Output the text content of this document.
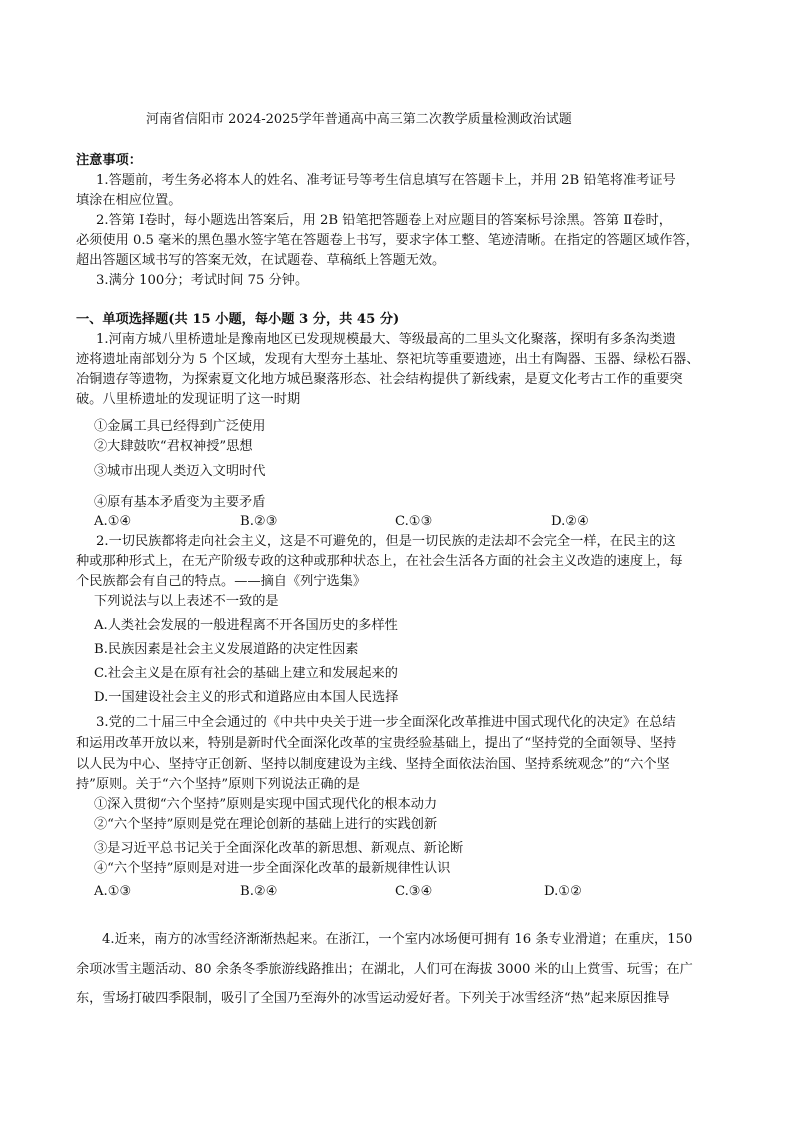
河南省信阳市 2024-2025学年普通高中高三第二次教学质量检测政治试题
注意事项：
1.答题前，考生务必将本人的姓名、准考证号等考生信息填写在答题卡上，并用 2B 铅笔将准考证号
填涂在相应位置。
2.答第 Ⅰ卷时，每小题选出答案后，用 2B 铅笔把答题卷上对应题目的答案标号涂黑。答第 Ⅱ卷时，
必须使用 0.5 毫米的黑色墨水签字笔在答题卷上书写，要求字体工整、笔迹清晰。在指定的答题区域作答，
超出答题区域书写的答案无效，在试题卷、草稿纸上答题无效。
3.满分 100分；考试时间 75 分钟。
一、单项选择题(共 15 小题，每小题 3 分，共 45 分)
1.河南方城八里桥遗址是豫南地区已发现规模最大、等级最高的二里头文化聚落，探明有多条沟类遗
迹将遗址南部划分为 5 个区域，发现有大型夯土基址、祭祀坑等重要遗迹，出土有陶器、玉器、绿松石器、
冶铜遗存等遗物，为探索夏文化地方城邑聚落形态、社会结构提供了新线索，是夏文化考古工作的重要突
破。八里桥遗址的发现证明了这一时期
①金属工具已经得到广泛使用
②大肆鼓吹“君权神授”思想
③城市出现人类迈入文明时代
④原有基本矛盾变为主要矛盾
A.①④	B.②③	C.①③	D.②④
2.一切民族都将走向社会主义，这是不可避免的，但是一切民族的走法却不会完全一样，在民主的这
种或那种形式上，在无产阶级专政的这种或那种状态上，在社会生活各方面的社会主义改造的速度上，每
个民族都会有自己的特点。——摘自《列宁选集》
下列说法与以上表述不一致的是
A.人类社会发展的一般进程离不开各国历史的多样性
B.民族因素是社会主义发展道路的决定性因素
C.社会主义是在原有社会的基础上建立和发展起来的
D.一国建设社会主义的形式和道路应由本国人民选择
3.党的二十届三中全会通过的《中共中央关于进一步全面深化改革推进中国式现代化的决定》在总结
和运用改革开放以来，特别是新时代全面深化改革的宝贵经验基础上，提出了“坚持党的全面领导、坚持
以人民为中心、坚持守正创新、坚持以制度建设为主线、坚持全面依法治国、坚持系统观念”的“六个坚
持”原则。关于“六个坚持”原则下列说法正确的是
①深入贯彻“六个坚持”原则是实现中国式现代化的根本动力
②“六个坚持”原则是党在理论创新的基础上进行的实践创新
③是习近平总书记关于全面深化改革的新思想、新观点、新论断
④“六个坚持”原则是对进一步全面深化改革的最新规律性认识
A.①③	B.②④	C.③④	D.①②
4.近来，南方的冰雪经济渐渐热起来。在浙江，一个室内冰场便可拥有 16 条专业滑道；在重庆，150
余项冰雪主题活动、80 余条冬季旅游线路推出；在湖北，人们可在海拔 3000 米的山上赏雪、玩雪；在广
东，雪场打破四季限制，吸引了全国乃至海外的冰雪运动爱好者。下列关于冰雪经济“热”起来原因推导
